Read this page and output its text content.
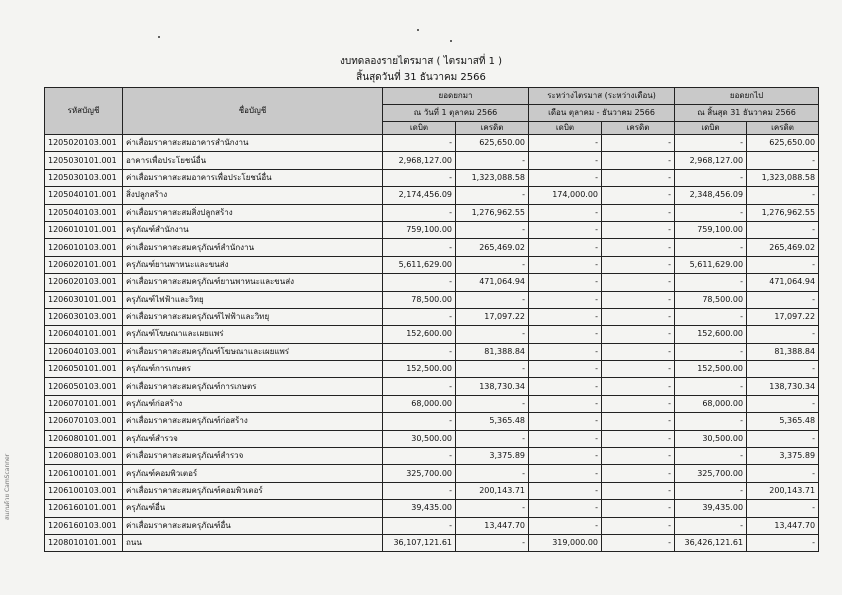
งบทดลองรายไตรมาส ( ไตรมาสที่ 1 )
สิ้นสุดวันที่ 31 ธันวาคม 2566
สแกนด้วย CamScanner
รหัสบัญชี	ชื่อบัญชี	ยอดยกมา		ระหว่างไตรมาส (ระหว่างเดือน)		ยอดยกไป	
		ณ วันที่ 1 ตุลาคม 2566		เดือน ตุลาคม - ธันวาคม 2566		ณ สิ้นสุด 31 ธันวาคม 2566	
		เดบิต	เครดิต	เดบิต	เครดิต	เดบิต	เครดิต
1205020103.001	ค่าเสื่อมราคาสะสมอาคารสำนักงาน	-	625,650.00	-	-	-	625,650.00
1205030101.001	อาคารเพื่อประโยชน์อื่น	2,968,127.00	-	-	-	2,968,127.00	-
1205030103.001	ค่าเสื่อมราคาสะสมอาคารเพื่อประโยชน์อื่น	-	1,323,088.58	-	-	-	1,323,088.58
1205040101.001	สิ่งปลูกสร้าง	2,174,456.09	-	174,000.00	-	2,348,456.09	-
1205040103.001	ค่าเสื่อมราคาสะสมสิ่งปลูกสร้าง	-	1,276,962.55	-	-	-	1,276,962.55
1206010101.001	ครุภัณฑ์สำนักงาน	759,100.00	-	-	-	759,100.00	-
1206010103.001	ค่าเสื่อมราคาสะสมครุภัณฑ์สำนักงาน	-	265,469.02	-	-	-	265,469.02
1206020101.001	ครุภัณฑ์ยานพาหนะและขนส่ง	5,611,629.00	-	-	-	5,611,629.00	-
1206020103.001	ค่าเสื่อมราคาสะสมครุภัณฑ์ยานพาหนะและขนส่ง	-	471,064.94	-	-	-	471,064.94
1206030101.001	ครุภัณฑ์ไฟฟ้าและวิทยุ	78,500.00	-	-	-	78,500.00	-
1206030103.001	ค่าเสื่อมราคาสะสมครุภัณฑ์ไฟฟ้าและวิทยุ	-	17,097.22	-	-	-	17,097.22
1206040101.001	ครุภัณฑ์โฆษณาและเผยแพร่	152,600.00	-	-	-	152,600.00	-
1206040103.001	ค่าเสื่อมราคาสะสมครุภัณฑ์โฆษณาและเผยแพร่	-	81,388.84	-	-	-	81,388.84
1206050101.001	ครุภัณฑ์การเกษตร	152,500.00	-	-	-	152,500.00	-
1206050103.001	ค่าเสื่อมราคาสะสมครุภัณฑ์การเกษตร	-	138,730.34	-	-	-	138,730.34
1206070101.001	ครุภัณฑ์ก่อสร้าง	68,000.00	-	-	-	68,000.00	-
1206070103.001	ค่าเสื่อมราคาสะสมครุภัณฑ์ก่อสร้าง	-	5,365.48	-	-	-	5,365.48
1206080101.001	ครุภัณฑ์สำรวจ	30,500.00	-	-	-	30,500.00	-
1206080103.001	ค่าเสื่อมราคาสะสมครุภัณฑ์สำรวจ	-	3,375.89	-	-	-	3,375.89
1206100101.001	ครุภัณฑ์คอมพิวเตอร์	325,700.00	-	-	-	325,700.00	-
1206100103.001	ค่าเสื่อมราคาสะสมครุภัณฑ์คอมพิวเตอร์	-	200,143.71	-	-	-	200,143.71
1206160101.001	ครุภัณฑ์อื่น	39,435.00	-	-	-	39,435.00	-
1206160103.001	ค่าเสื่อมราคาสะสมครุภัณฑ์อื่น	-	13,447.70	-	-	-	13,447.70
1208010101.001	ถนน	36,107,121.61	-	319,000.00	-	36,426,121.61	-
